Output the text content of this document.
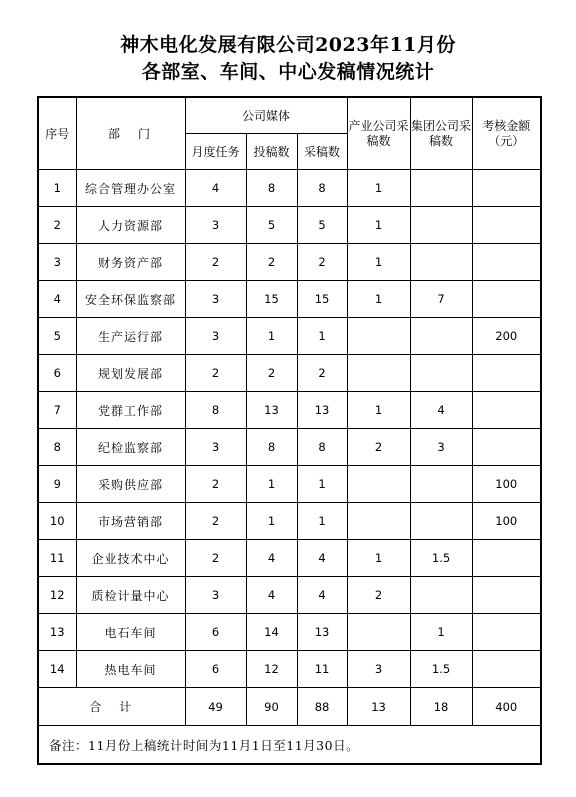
神木电化发展有限公司2023年11月份
各部室、车间、中心发稿情况统计
序号	部　门	公司媒体			产业公司采稿数	集团公司采稿数	考核金额（元）
		月度任务	投稿数	采稿数			
1	综合管理办公室	4	8	8	1		
2	人力资源部	3	5	5	1		
3	财务资产部	2	2	2	1		
4	安全环保监察部	3	15	15	1	7	
5	生产运行部	3	1	1			200
6	规划发展部	2	2	2			
7	党群工作部	8	13	13	1	4	
8	纪检监察部	3	8	8	2	3	
9	采购供应部	2	1	1			100
10	市场营销部	2	1	1			100
11	企业技术中心	2	4	4	1	1.5	
12	质检计量中心	3	4	4	2		
13	电石车间	6	14	13		1	
14	热电车间	6	12	11	3	1.5	
合　计		49	90	88	13	18	400
备注：11月份上稿统计时间为11月1日至11月30日。							
